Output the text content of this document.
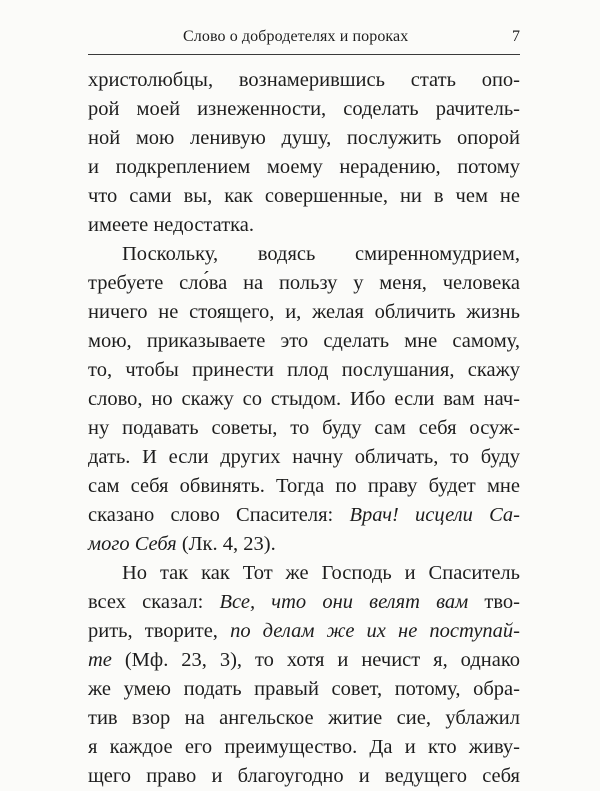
Слово о добродетелях и пороках	7
христолюбцы, вознамерившись стать опо-
рой моей изнеженности, соделать рачитель-
ной мою ленивую душу, послужить опорой
и подкреплением моему нерадению, потому
что сами вы, как совершенные, ни в чем не
имеете недостатка.
Поскольку, водясь смиренномудрием,
требуете сло́ва на пользу у меня, человека
ничего не стоящего, и, желая обличить жизнь
мою, приказываете это сделать мне самому,
то, чтобы принести плод послушания, скажу
слово, но скажу со стыдом. Ибо если вам нач-
ну подавать советы, то буду сам себя осуж-
дать. И если других начну обличать, то буду
сам себя обвинять. Тогда по праву будет мне
сказано слово Спасителя: Врач! исцели Са-
мого Себя (Лк. 4, 23).
Но так как Тот же Господь и Спаситель
всех сказал: Все, что они велят вам тво-
рить, творите, по делам же их не поступай-
те (Мф. 23, 3), то хотя и нечист я, однако
же умею подать правый совет, потому, обра-
тив взор на ангельское житие сие, ублажил
я каждое его преимущество. Да и кто живу-
щего право и благоугодно и ведущего себя
